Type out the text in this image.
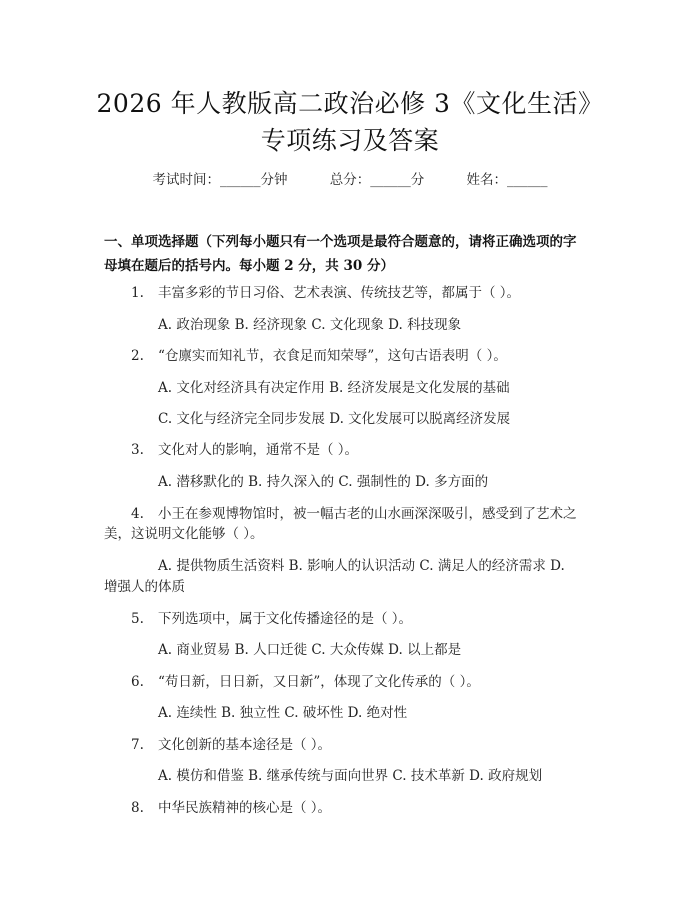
2026 年人教版高二政治必修 3《文化生活》
专项练习及答案
考试时间：______分钟	总分：______分	姓名：______
一、单项选择题（下列每小题只有一个选项是最符合题意的，请将正确选项的字
母填在题后的括号内。每小题 2 分，共 30 分）
1. 丰富多彩的节日习俗、艺术表演、传统技艺等，都属于（ ）。
A. 政治现象 B. 经济现象 C. 文化现象 D. 科技现象
2. “仓廪实而知礼节，衣食足而知荣辱”，这句古语表明（ ）。
A. 文化对经济具有决定作用 B. 经济发展是文化发展的基础
C. 文化与经济完全同步发展 D. 文化发展可以脱离经济发展
3. 文化对人的影响，通常不是（ ）。
A. 潜移默化的 B. 持久深入的 C. 强制性的 D. 多方面的
4. 小王在参观博物馆时，被一幅古老的山水画深深吸引，感受到了艺术之
美，这说明文化能够（ ）。
A. 提供物质生活资料 B. 影响人的认识活动 C. 满足人的经济需求 D.
增强人的体质
5. 下列选项中，属于文化传播途径的是（ ）。
A. 商业贸易 B. 人口迁徙 C. 大众传媒 D. 以上都是
6. “苟日新，日日新，又日新”，体现了文化传承的（ ）。
A. 连续性 B. 独立性 C. 破坏性 D. 绝对性
7. 文化创新的基本途径是（ ）。
A. 模仿和借鉴 B. 继承传统与面向世界 C. 技术革新 D. 政府规划
8. 中华民族精神的核心是（ ）。
